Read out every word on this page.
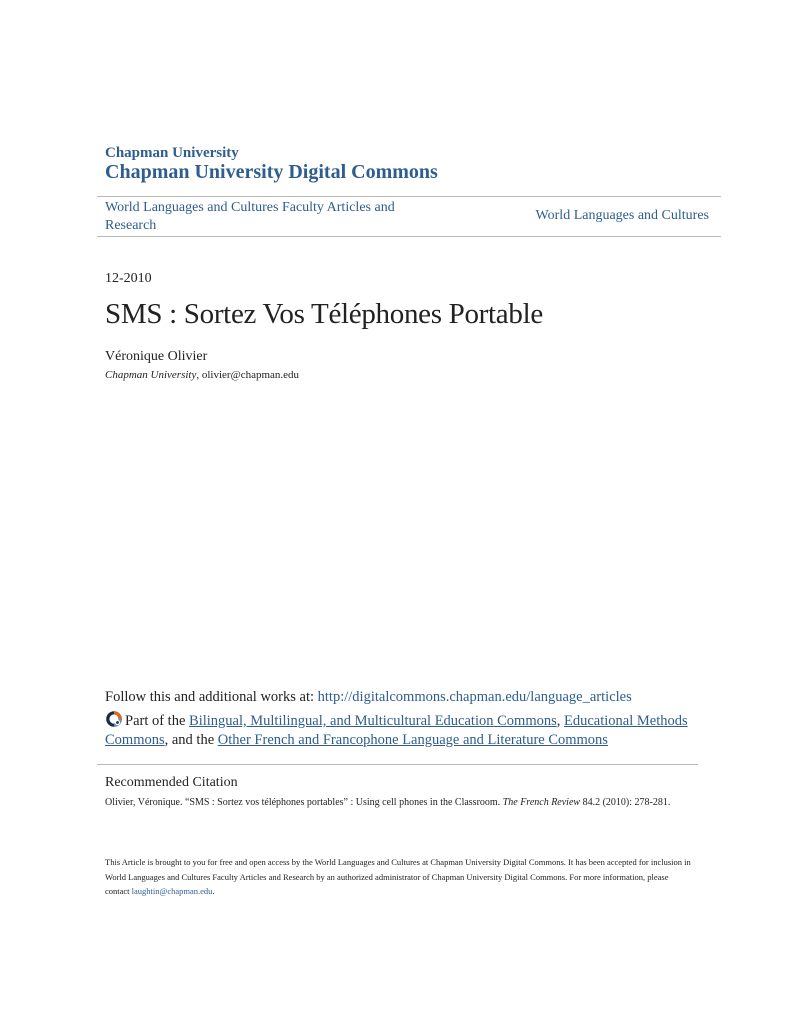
Chapman University
Chapman University Digital Commons
World Languages and Cultures Faculty Articles and Research
World Languages and Cultures
12-2010
SMS : Sortez Vos Téléphones Portable
Véronique Olivier
Chapman University, olivier@chapman.edu
Follow this and additional works at: http://digitalcommons.chapman.edu/language_articles
Part of the Bilingual, Multilingual, and Multicultural Education Commons, Educational Methods Commons, and the Other French and Francophone Language and Literature Commons
Recommended Citation
Olivier, Véronique. “SMS : Sortez vos téléphones portables” : Using cell phones in the Classroom. The French Review 84.2 (2010): 278-281.
This Article is brought to you for free and open access by the World Languages and Cultures at Chapman University Digital Commons. It has been accepted for inclusion in World Languages and Cultures Faculty Articles and Research by an authorized administrator of Chapman University Digital Commons. For more information, please contact laughtin@chapman.edu.
